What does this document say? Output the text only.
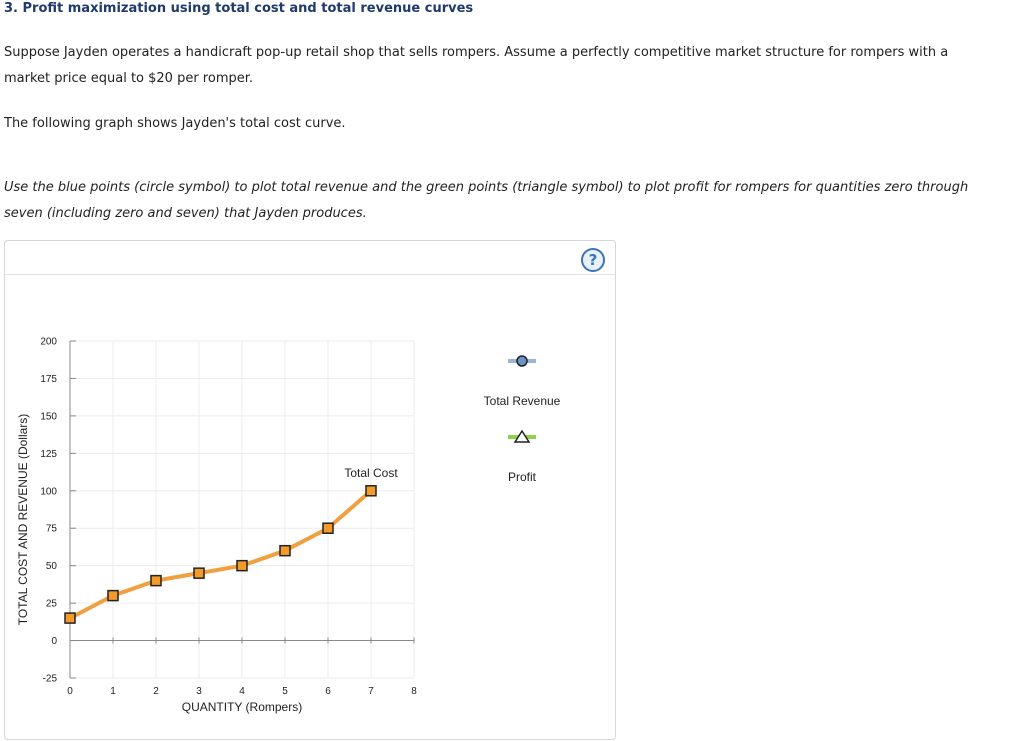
3. Profit maximization using total cost and total revenue curves

Suppose Jayden operates a handicraft pop-up retail shop that sells rompers. Assume a perfectly competitive market structure for rompers with a market price equal to $20 per romper.

The following graph shows Jayden's total cost curve.

Use the blue points (circle symbol) to plot total revenue and the green points (triangle symbol) to plot profit for rompers for quantities zero through seven (including zero and seven) that Jayden produces.

?
-25
0
25
50
75
100
125
150
175
200
0	1	2	3	4	5	6	7	8
Total Cost
QUANTITY (Rompers)
TOTAL COST AND REVENUE (Dollars)
Total Revenue
Profit
